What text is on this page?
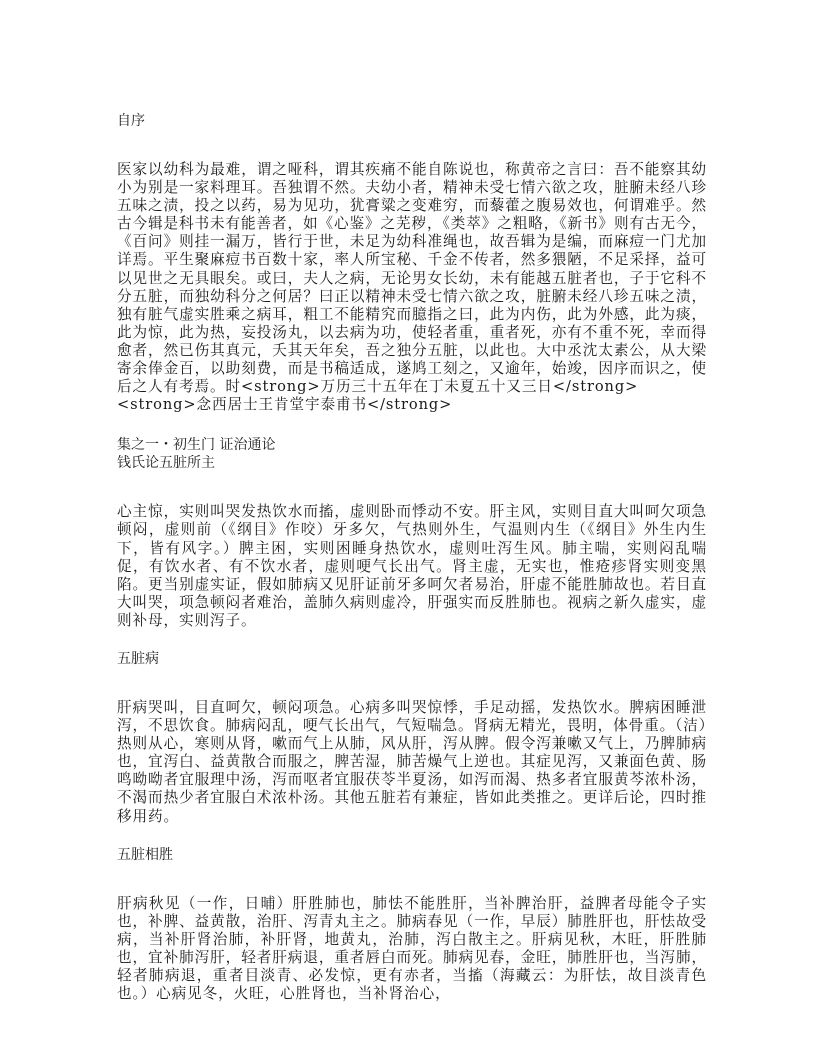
自序

医家以幼科为最难，谓之哑科，谓其疾痛不能自陈说也，称黄帝之言曰：吾不能察其幼小为别是一家料理耳。吾独谓不然。夫幼小者，精神未受七情六欲之攻，脏腑未经八珍五味之渍，投之以药，易为见功，犹膏粱之变难穷，而藜藿之腹易效也，何谓难乎。然古今辑是科书未有能善者，如《心鉴》之芜秽，《类萃》之粗略，《新书》则有古无今，《百问》则挂一漏万，皆行于世，未足为幼科准绳也，故吾辑为是编，而麻痘一门尤加详焉。平生聚麻痘书百数十家，率人所宝秘、千金不传者，然多猥陋，不足采择，益可以见世之无具眼矣。或曰，夫人之病，无论男女长幼，未有能越五脏者也，子于它科不分五脏，而独幼科分之何居？曰正以精神未受七情六欲之攻，脏腑未经八珍五味之渍，独有脏气虚实胜乘之病耳，粗工不能精究而臆指之曰，此为内伤，此为外感，此为痰，此为惊，此为热，妄投汤丸，以去病为功，使轻者重，重者死，亦有不重不死，幸而得愈者，然已伤其真元，夭其天年矣，吾之独分五脏，以此也。大中丞沈太素公，从大梁寄余俸金百，以助刻费，而是书稿适成，遂鸠工刻之，又逾年，始竣，因序而识之，使后之人有考焉。时<strong>万历三十五年在丁未夏五十又三日</strong>

<strong>念西居士王肯堂宇泰甫书</strong>

集之一・初生门 证治通论

钱氏论五脏所主

心主惊，实则叫哭发热饮水而搐，虚则卧而悸动不安。肝主风，实则目直大叫呵欠项急顿闷，虚则前（《纲目》作咬）牙多欠，气热则外生，气温则内生（《纲目》外生内生下，皆有风字。）脾主困，实则困睡身热饮水，虚则吐泻生风。肺主喘，实则闷乱喘促，有饮水者、有不饮水者，虚则哽气长出气。肾主虚，无实也，惟疮疹肾实则变黑陷。更当别虚实证，假如肺病又见肝证前牙多呵欠者易治，肝虚不能胜肺故也。若目直大叫哭，项急顿闷者难治，盖肺久病则虚冷，肝强实而反胜肺也。视病之新久虚实，虚则补母，实则泻子。

五脏病

肝病哭叫，目直呵欠，顿闷项急。心病多叫哭惊悸，手足动摇，发热饮水。脾病困睡泄泻，不思饮食。肺病闷乱，哽气长出气，气短喘急。肾病无精光，畏明，体骨重。（洁）热则从心，寒则从肾，嗽而气上从肺，风从肝，泻从脾。假令泻兼嗽又气上，乃脾肺病也，宜泻白、益黄散合而服之，脾苦湿，肺苦燥气上逆也。其症见泻，又兼面色黄、肠鸣呦呦者宜服理中汤，泻而呕者宜服茯苓半夏汤，如泻而渴、热多者宜服黄芩浓朴汤，不渴而热少者宜服白术浓朴汤。其他五脏若有兼症，皆如此类推之。更详后论，四时推移用药。

五脏相胜

肝病秋见（一作，日晡）肝胜肺也，肺怯不能胜肝，当补脾治肝，益脾者母能令子实也，补脾、益黄散，治肝、泻青丸主之。肺病春见（一作，早辰）肺胜肝也，肝怯故受病，当补肝肾治肺，补肝肾，地黄丸，治肺，泻白散主之。肝病见秋，木旺，肝胜肺也，宜补肺泻肝，轻者肝病退，重者唇白而死。肺病见春，金旺，肺胜肝也，当泻肺，轻者肺病退，重者目淡青、必发惊，更有赤者，当搐（海藏云：为肝怯，故目淡青色也。）心病见冬，火旺，心胜肾也，当补肾治心，
